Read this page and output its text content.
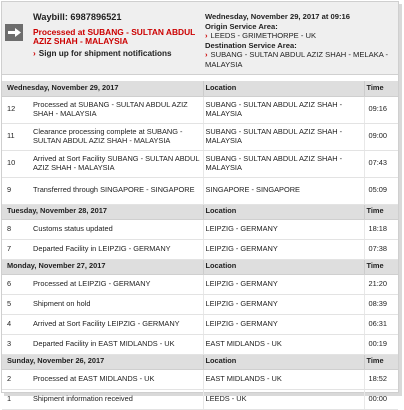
Waybill: 6987896521
Processed at SUBANG - SULTAN ABDUL AZIZ SHAH - MALAYSIA
› Sign up for shipment notifications
Wednesday, November 29, 2017 at 09:16
Origin Service Area:
› LEEDS - GRIMETHORPE - UK
Destination Service Area:
› SUBANG - SULTAN ABDUL AZIZ SHAH - MELAKA - MALAYSIA
Wednesday, November 29, 2017		Location	Time
12	Processed at SUBANG - SULTAN ABDUL AZIZ SHAH - MALAYSIA	SUBANG - SULTAN ABDUL AZIZ SHAH - MALAYSIA	09:16
11	Clearance processing complete at SUBANG - SULTAN ABDUL AZIZ SHAH - MALAYSIA	SUBANG - SULTAN ABDUL AZIZ SHAH - MALAYSIA	09:00
10	Arrived at Sort Facility SUBANG - SULTAN ABDUL AZIZ SHAH - MALAYSIA	SUBANG - SULTAN ABDUL AZIZ SHAH - MALAYSIA	07:43
9	Transferred through SINGAPORE - SINGAPORE	SINGAPORE - SINGAPORE	05:09
Tuesday, November 28, 2017		Location	Time
8	Customs status updated	LEIPZIG - GERMANY	18:18
7	Departed Facility in LEIPZIG - GERMANY	LEIPZIG - GERMANY	07:38
Monday, November 27, 2017		Location	Time
6	Processed at LEIPZIG - GERMANY	LEIPZIG - GERMANY	21:20
5	Shipment on hold	LEIPZIG - GERMANY	08:39
4	Arrived at Sort Facility LEIPZIG - GERMANY	LEIPZIG - GERMANY	06:31
3	Departed Facility in EAST MIDLANDS - UK	EAST MIDLANDS - UK	00:19
Sunday, November 26, 2017		Location	Time
2	Processed at EAST MIDLANDS - UK	EAST MIDLANDS - UK	18:52
1	Shipment information received	LEEDS - UK	00:00
